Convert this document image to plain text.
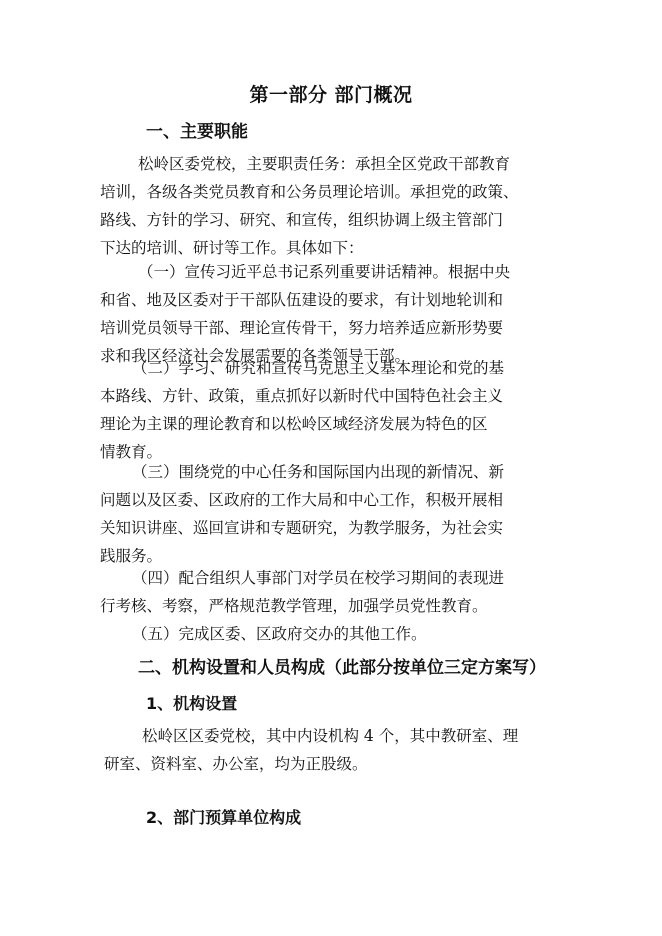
第一部分 部门概况
一、主要职能
松岭区委党校，主要职责任务：承担全区党政干部教育
培训，各级各类党员教育和公务员理论培训。承担党的政策、
路线、方针的学习、研究、和宣传，组织协调上级主管部门
下达的培训、研讨等工作。具体如下：
（一）宣传习近平总书记系列重要讲话精神。根据中央
和省、地及区委对于干部队伍建设的要求，有计划地轮训和
培训党员领导干部、理论宣传骨干，努力培养适应新形势要
求和我区经济社会发展需要的各类领导干部。
（二）学习、研究和宣传马克思主义基本理论和党的基
本路线、方针、政策，重点抓好以新时代中国特色社会主义
理论为主课的理论教育和以松岭区域经济发展为特色的区
情教育。
（三）围绕党的中心任务和国际国内出现的新情况、新
问题以及区委、区政府的工作大局和中心工作，积极开展相
关知识讲座、巡回宣讲和专题研究，为教学服务，为社会实
践服务。
（四）配合组织人事部门对学员在校学习期间的表现进
行考核、考察，严格规范教学管理，加强学员党性教育。
（五）完成区委、区政府交办的其他工作。
二、机构设置和人员构成（此部分按单位三定方案写）
1、机构设置
松岭区区委党校，其中内设机构 4 个，其中教研室、理
研室、资料室、办公室，均为正股级。
2、部门预算单位构成
